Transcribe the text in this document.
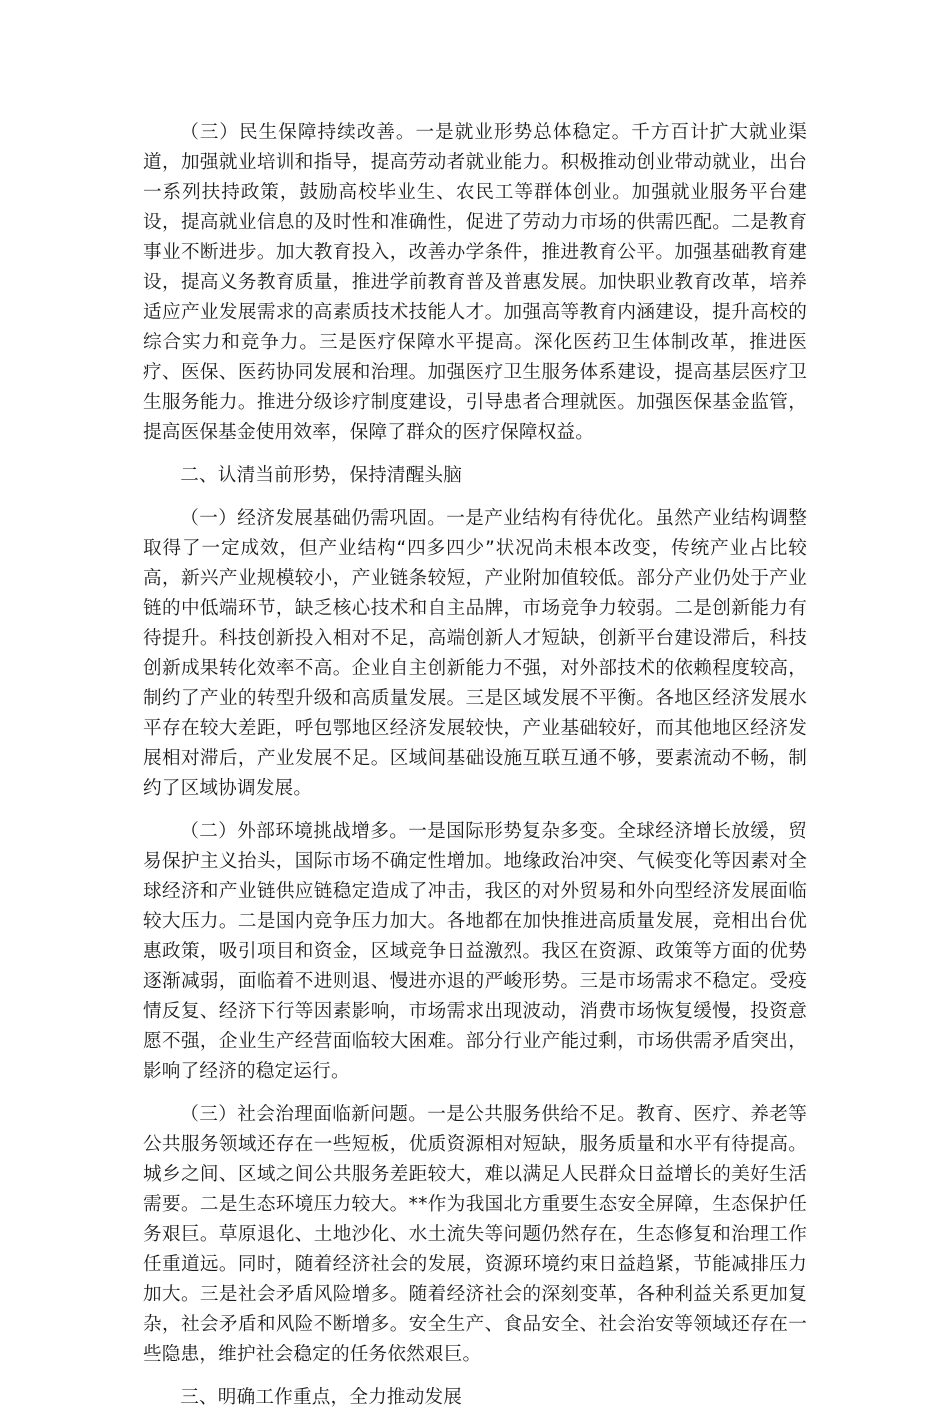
（三）民生保障持续改善。一是就业形势总体稳定。千方百计扩大就业渠道，加强就业培训和指导，提高劳动者就业能力。积极推动创业带动就业，出台一系列扶持政策，鼓励高校毕业生、农民工等群体创业。加强就业服务平台建设，提高就业信息的及时性和准确性，促进了劳动力市场的供需匹配。二是教育事业不断进步。加大教育投入，改善办学条件，推进教育公平。加强基础教育建设，提高义务教育质量，推进学前教育普及普惠发展。加快职业教育改革，培养适应产业发展需求的高素质技术技能人才。加强高等教育内涵建设，提升高校的综合实力和竞争力。三是医疗保障水平提高。深化医药卫生体制改革，推进医疗、医保、医药协同发展和治理。加强医疗卫生服务体系建设，提高基层医疗卫生服务能力。推进分级诊疗制度建设，引导患者合理就医。加强医保基金监管，提高医保基金使用效率，保障了群众的医疗保障权益。

二、认清当前形势，保持清醒头脑

（一）经济发展基础仍需巩固。一是产业结构有待优化。虽然产业结构调整取得了一定成效，但产业结构“四多四少”状况尚未根本改变，传统产业占比较高，新兴产业规模较小，产业链条较短，产业附加值较低。部分产业仍处于产业链的中低端环节，缺乏核心技术和自主品牌，市场竞争力较弱。二是创新能力有待提升。科技创新投入相对不足，高端创新人才短缺，创新平台建设滞后，科技创新成果转化效率不高。企业自主创新能力不强，对外部技术的依赖程度较高，制约了产业的转型升级和高质量发展。三是区域发展不平衡。各地区经济发展水平存在较大差距，呼包鄂地区经济发展较快，产业基础较好，而其他地区经济发展相对滞后，产业发展不足。区域间基础设施互联互通不够，要素流动不畅，制约了区域协调发展。

（二）外部环境挑战增多。一是国际形势复杂多变。全球经济增长放缓，贸易保护主义抬头，国际市场不确定性增加。地缘政治冲突、气候变化等因素对全球经济和产业链供应链稳定造成了冲击，我区的对外贸易和外向型经济发展面临较大压力。二是国内竞争压力加大。各地都在加快推进高质量发展，竞相出台优惠政策，吸引项目和资金，区域竞争日益激烈。我区在资源、政策等方面的优势逐渐减弱，面临着不进则退、慢进亦退的严峻形势。三是市场需求不稳定。受疫情反复、经济下行等因素影响，市场需求出现波动，消费市场恢复缓慢，投资意愿不强，企业生产经营面临较大困难。部分行业产能过剩，市场供需矛盾突出，影响了经济的稳定运行。

（三）社会治理面临新问题。一是公共服务供给不足。教育、医疗、养老等公共服务领域还存在一些短板，优质资源相对短缺，服务质量和水平有待提高。城乡之间、区域之间公共服务差距较大，难以满足人民群众日益增长的美好生活需要。二是生态环境压力较大。**作为我国北方重要生态安全屏障，生态保护任务艰巨。草原退化、土地沙化、水土流失等问题仍然存在，生态修复和治理工作任重道远。同时，随着经济社会的发展，资源环境约束日益趋紧，节能减排压力加大。三是社会矛盾风险增多。随着经济社会的深刻变革，各种利益关系更加复杂，社会矛盾和风险不断增多。安全生产、食品安全、社会治安等领域还存在一些隐患，维护社会稳定的任务依然艰巨。

三、明确工作重点，全力推动发展
